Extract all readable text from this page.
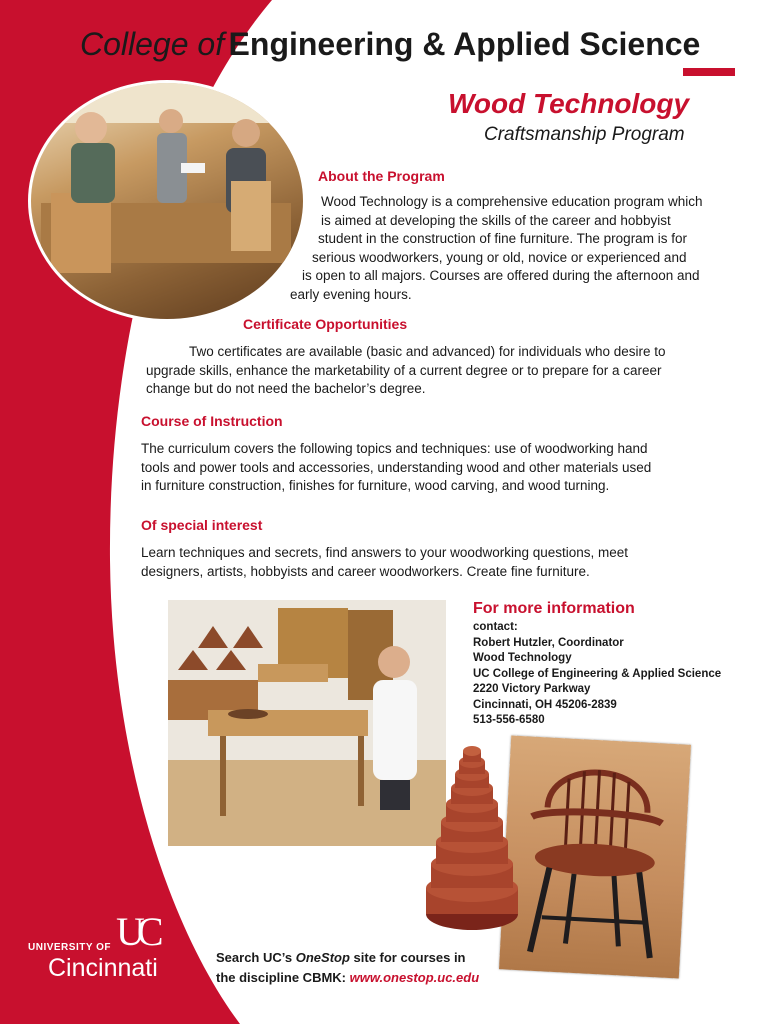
College of Engineering & Applied Science
Wood Technology
Craftsmanship Program
About the Program

Wood Technology is a comprehensive education program which

is aimed at developing the skills of the career and hobbyist

student in the construction of fine furniture. The program is for

serious woodworkers, young or old, novice or experienced and

is open to all majors. Courses are offered during the afternoon and

early evening hours.

Certificate Opportunities

Two certificates are available (basic and advanced) for individuals who desire to

upgrade skills, enhance the marketability of a current degree or to prepare for a career

change but do not need the bachelor’s degree.

Course of Instruction

The curriculum covers the following topics and techniques: use of woodworking hand

tools and power tools and accessories, understanding wood and other materials used

in furniture construction, finishes for furniture, wood carving, and wood turning.

Of special interest

Learn techniques and secrets, find answers to your woodworking questions, meet

designers, artists, hobbyists and career woodworkers. Create fine furniture.

For more information
contact:
Robert Hutzler, Coordinator
Wood Technology
UC College of Engineering & Applied Science
2220 Victory Parkway
Cincinnati, OH 45206-2839
513-556-6580
UNIVERSITY OF UC
Cincinnati	Search UC’s OneStop site for courses in
the discipline CBMK: www.onestop.uc.edu
